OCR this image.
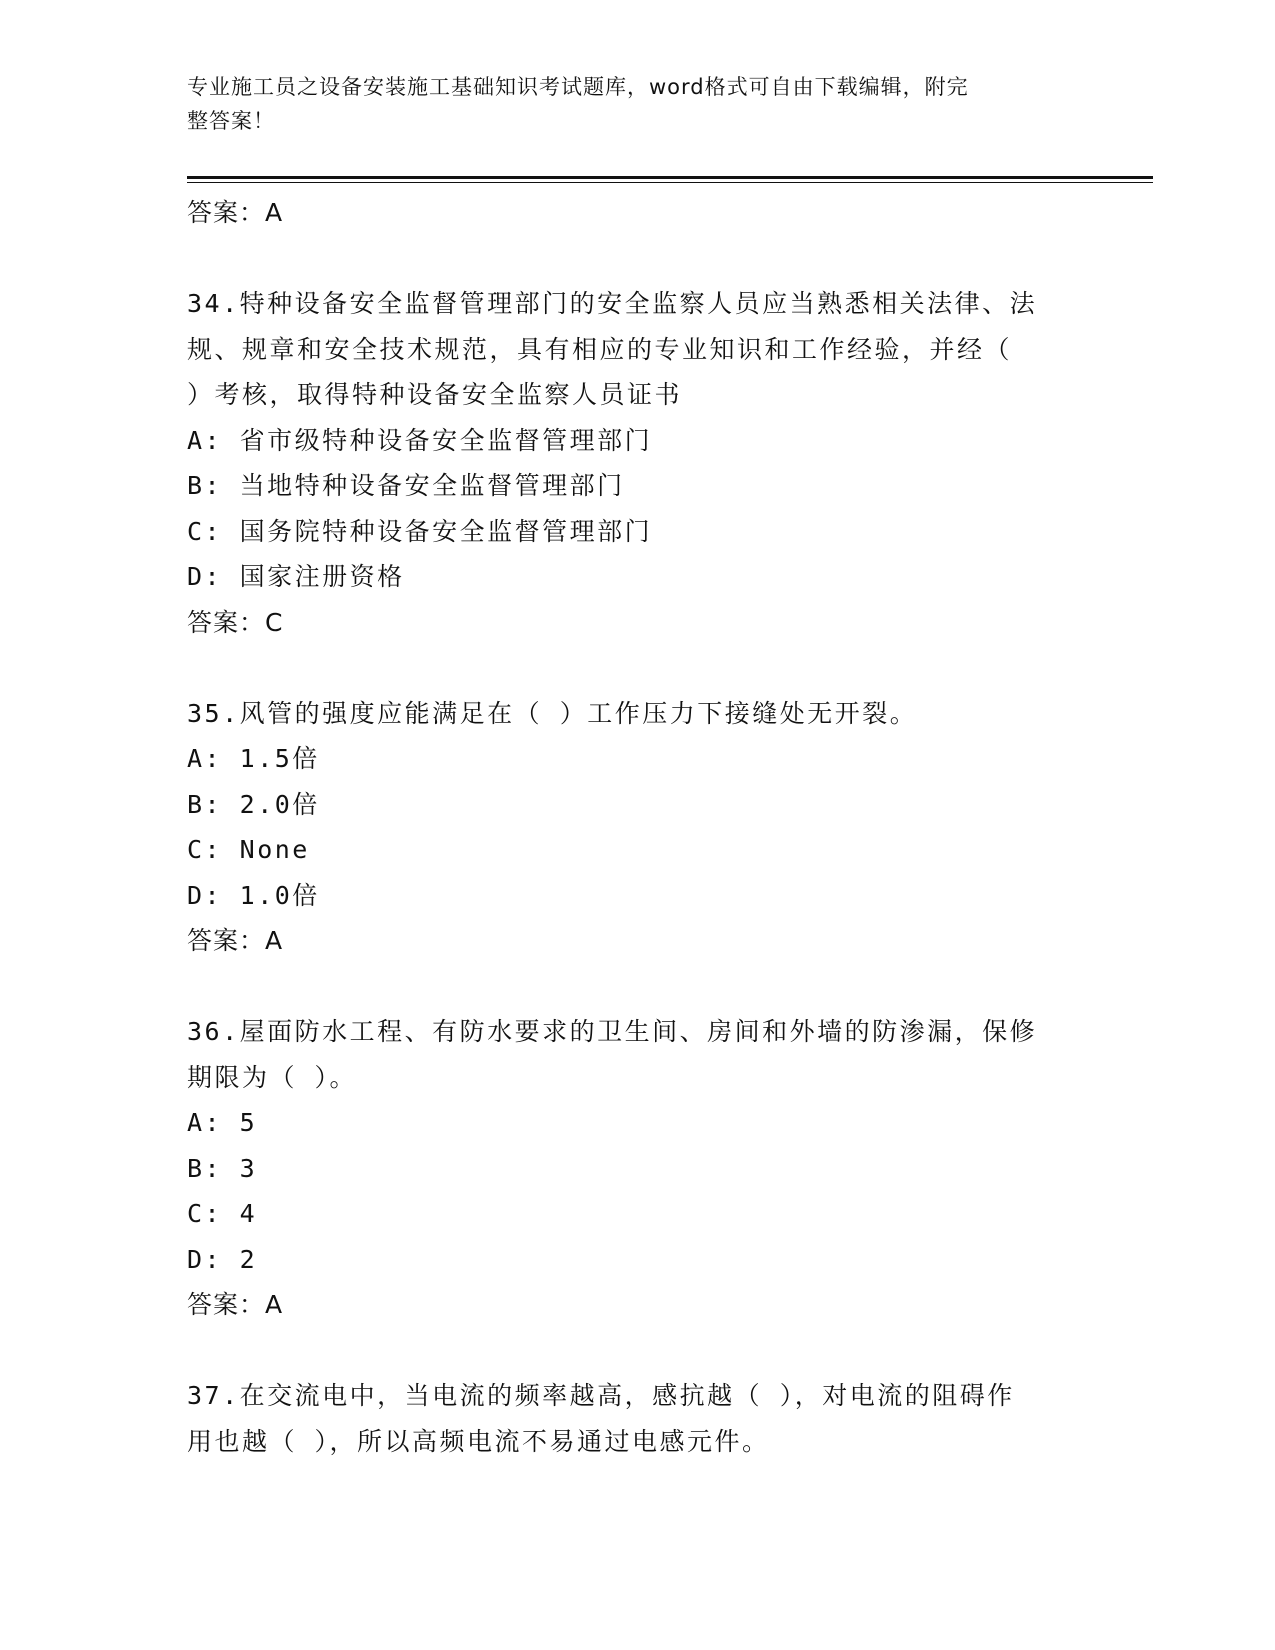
专业施工员之设备安装施工基础知识考试题库，word格式可自由下载编辑，附完
整答案！
答案：A
34.特种设备安全监督管理部门的安全监察人员应当熟悉相关法律、法
规、规章和安全技术规范，具有相应的专业知识和工作经验，并经（
）考核，取得特种设备安全监察人员证书
A: 省市级特种设备安全监督管理部门
B: 当地特种设备安全监督管理部门
C: 国务院特种设备安全监督管理部门
D: 国家注册资格
答案：C
35.风管的强度应能满足在（ ）工作压力下接缝处无开裂。
A: 1.5倍
B: 2.0倍
C: None
D: 1.0倍
答案：A
36.屋面防水工程、有防水要求的卫生间、房间和外墙的防渗漏，保修
期限为（ ）。
A: 5
B: 3
C: 4
D: 2
答案：A
37.在交流电中，当电流的频率越高，感抗越（ ），对电流的阻碍作
用也越（ ），所以高频电流不易通过电感元件。
